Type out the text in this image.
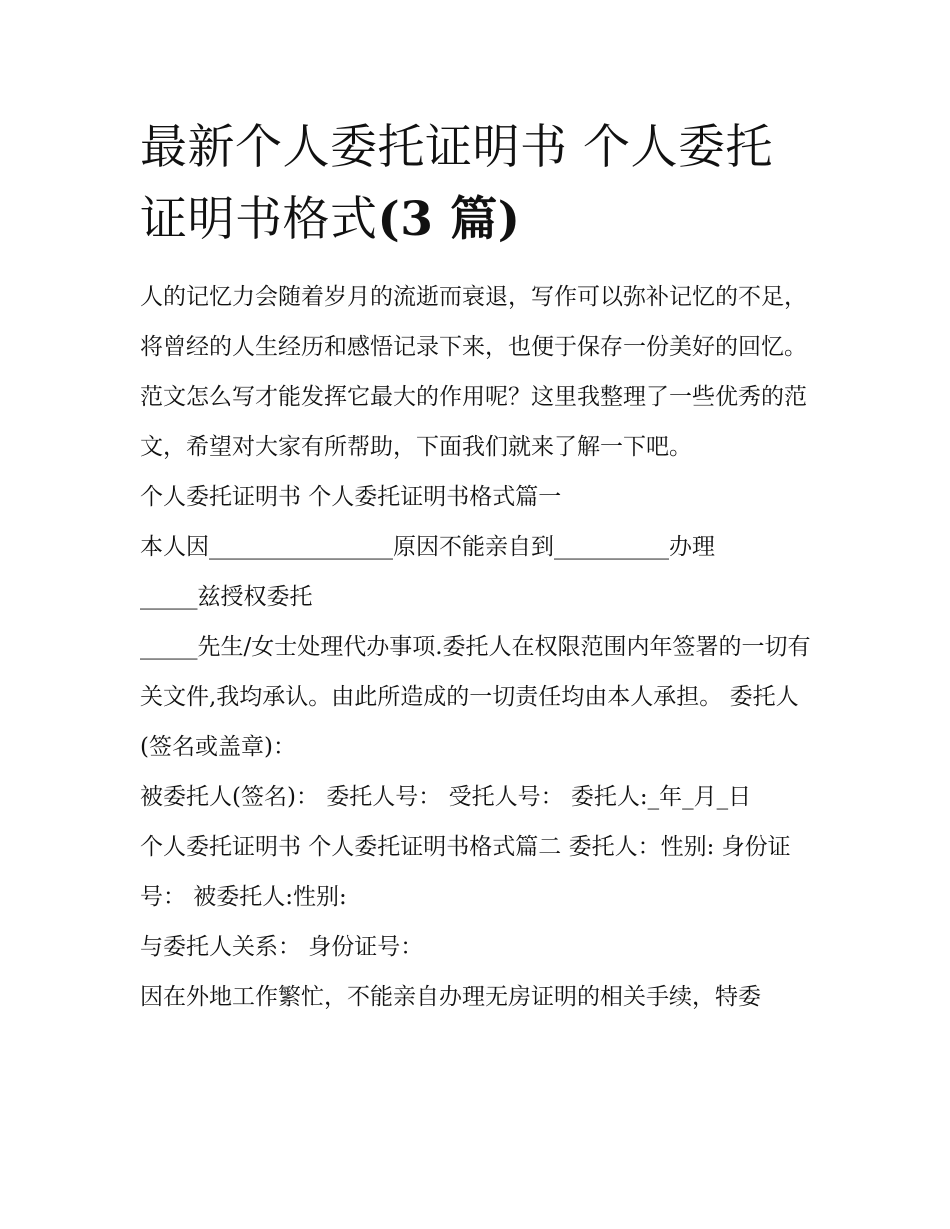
最新个人委托证明书 个人委托证明书格式(3 篇)

人的记忆力会随着岁月的流逝而衰退，写作可以弥补记忆的不足，将曾经的人生经历和感悟记录下来，也便于保存一份美好的回忆。范文怎么写才能发挥它最大的作用呢？这里我整理了一些优秀的范文，希望对大家有所帮助，下面我们就来了解一下吧。

个人委托证明书 个人委托证明书格式篇一

本人因________________原因不能亲自到__________办理

_____兹授权委托

_____先生/女士处理代办事项.委托人在权限范围内年签署的一切有关文件,我均承认。由此所造成的一切责任均由本人承担。 委托人(签名或盖章)：

被委托人(签名)： 委托人号： 受托人号： 委托人:_年_月_日

个人委托证明书 个人委托证明书格式篇二 委托人：性别: 身份证号： 被委托人:性别:

与委托人关系： 身份证号：

因在外地工作繁忙，不能亲自办理无房证明的相关手续，特委
